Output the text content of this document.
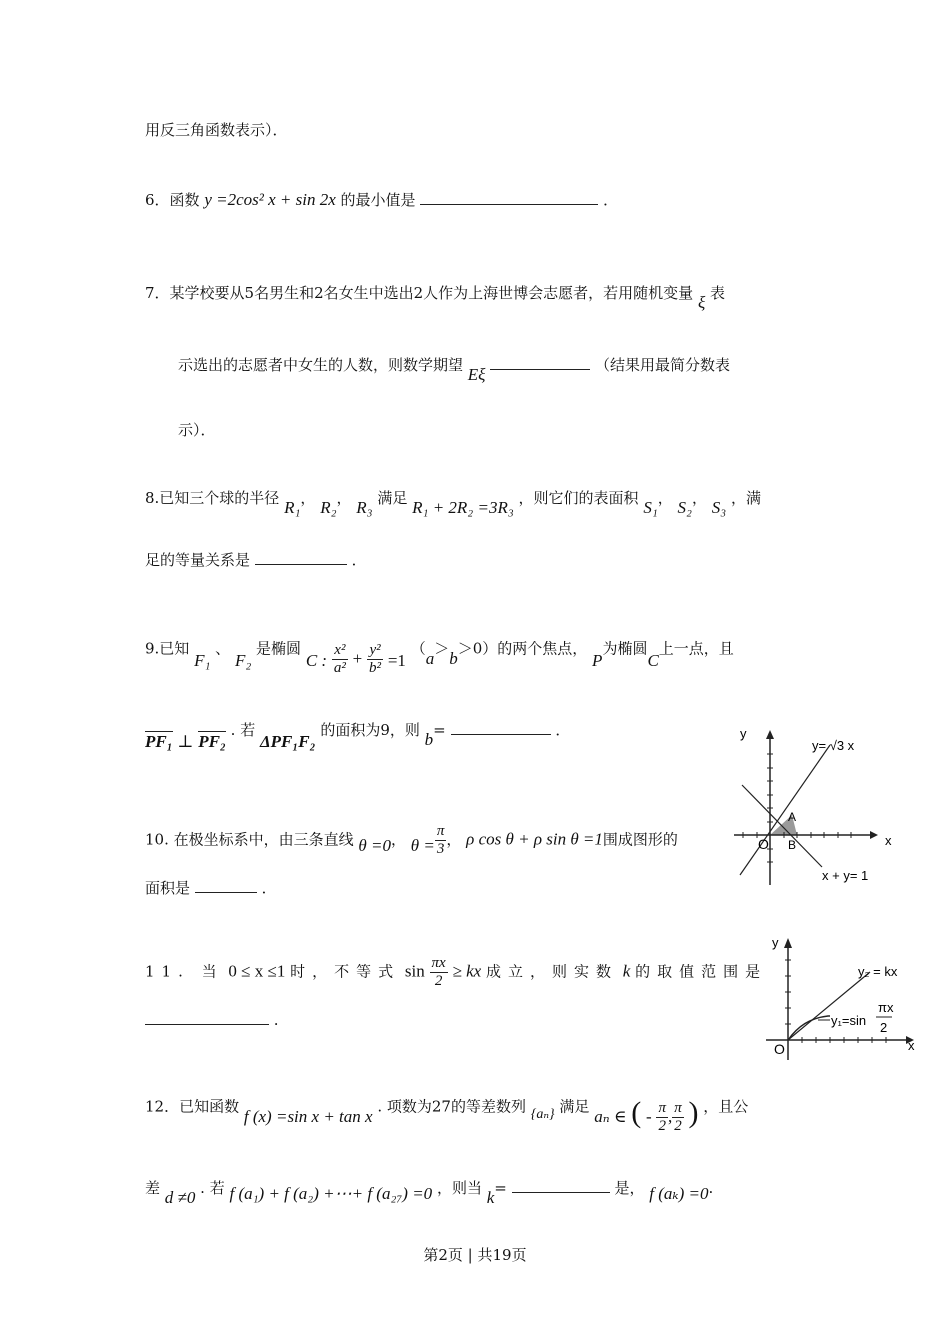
用反三角函数表示）．
6．函数 y =2cos² x + sin 2x 的最小值是	．
7．某学校要从5名男生和2名女生中选出2人作为上海世博会志愿者，若用随机变量 ξ 表
示选出的志愿者中女生的人数，则数学期望 Eξ	（结果用最简分数表
示）．
8.已知三个球的半径 R₁， R₂， R₃ 满足 R₁ + 2R₂ =3R₃ ，则它们的表面积 S₁， S₂， S₃ ，满
足的等量关系是	．
9.已知 F₁ 、 F₂ 是椭圆 C : $\frac{\text{x²}}{\text{a²}} + \frac{\text{y²}}{\text{b²}} =1$ （a＞b＞0）的两个焦点， P为椭圆C上一点，且
PF₁ ⊥ PF₂ . 若 ΔPF₁F₂ 的面积为9，则 b=	．
10. 在极坐标系中，由三条直线 θ =0， $\theta = \frac{\pi}{3}$ ， ρ cos θ + ρ sin θ =1围成图形的
面积是	．
y
x
O
y= √3 x
x + y= 1
A
B
11. 当 0 ≤ x ≤1 时，不等式 $\sin \frac{\pi x}{2}$ ≥ kx 成立，则实数 k 的取值范围是
.
y
x
O
y₂ = kx
y₁=sin
πx
2
12．已知函数 f (x) =sin x + tan x . 项数为27的等差数列 {aₙ} 满足 aₙ ∈ ( - $\frac{\pi}{2}$ , $\frac{\pi}{2}$ ) ，且公
差 d ≠0 . 若 f (a₁) + f (a₂) +⋯+ f (a₂₇) =0 ，则当 k=	是， f (aₖ) =0.
第2页 | 共19页
